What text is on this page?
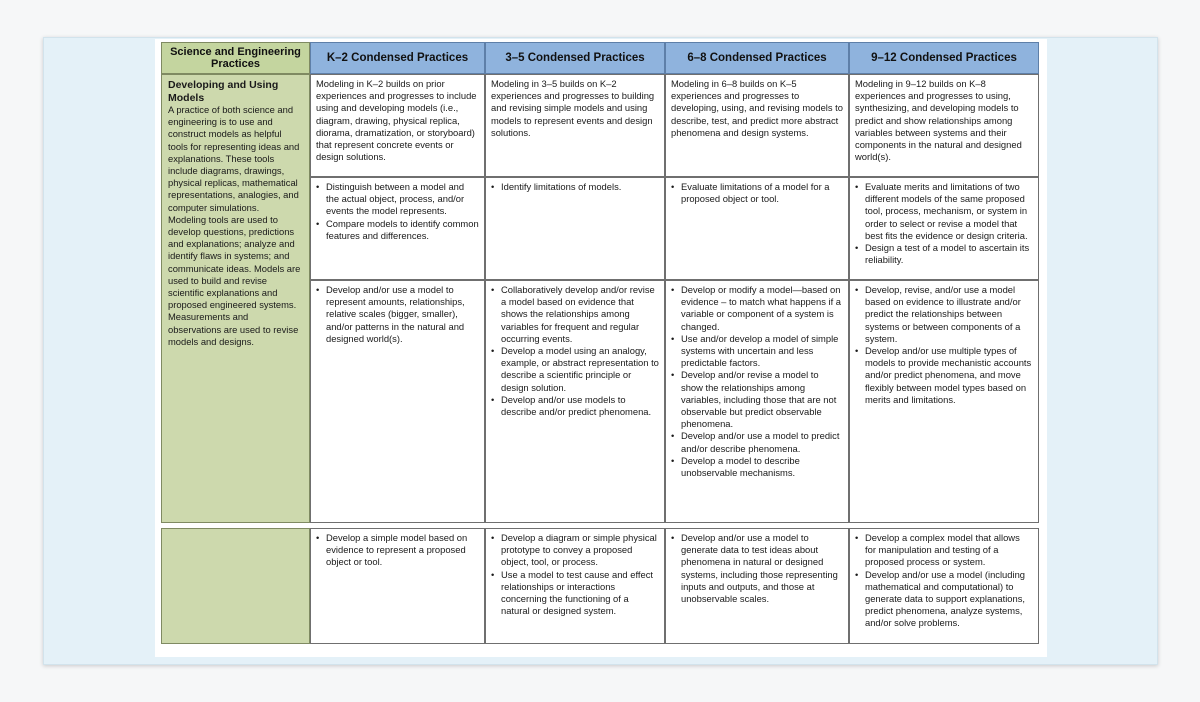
Science and Engineering Practices
K–2 Condensed Practices	3–5 Condensed Practices	6–8 Condensed Practices	9–12 Condensed Practices

Developing and Using Models

A practice of both science and engineering is to use and construct models as helpful tools for representing ideas and explanations. These tools include diagrams, drawings, physical replicas, mathematical representations, analogies, and computer simulations.

Modeling tools are used to develop questions, predictions and explanations; analyze and identify flaws in systems; and communicate ideas. Models are used to build and revise scientific explanations and proposed engineered systems. Measurements and observations are used to revise models and designs.

Modeling in K–2 builds on prior experiences and progresses to include using and developing models (i.e., diagram, drawing, physical replica, diorama, dramatization, or storyboard) that represent concrete events or design solutions.

Modeling in 3–5 builds on K–2 experiences and progresses to building and revising simple models and using models to represent events and design solutions.

Modeling in 6–8 builds on K–5 experiences and progresses to developing, using, and revising models to describe, test, and predict more abstract phenomena and design systems.

Modeling in 9–12 builds on K–8 experiences and progresses to using, synthesizing, and developing models to predict and show relationships among variables between systems and their components in the natural and designed world(s).

• Distinguish between a model and the actual object, process, and/or events the model represents.
• Compare models to identify common features and differences.
• Identify limitations of models.
•	Evaluate limitations of a model for a proposed object or tool.
• Evaluate merits and limitations of two different models of the same proposed tool, process, mechanism, or system in order to select or revise a model that best fits the evidence or design criteria.
• Design a test of a model to ascertain its reliability.
• Develop and/or use a model to represent amounts, relationships, relative scales (bigger, smaller), and/or patterns in the natural and designed world(s).
• Collaboratively develop and/or revise a model based on evidence that shows the relationships among variables for frequent and regular occurring events.
• Develop a model using an analogy, example, or abstract representation to describe a scientific principle or design solution.
• Develop and/or use models to describe and/or predict phenomena.
• Develop or modify a model—based on evidence – to match what happens if a variable or component of a system is changed.
• Use and/or develop a model of simple systems with uncertain and less predictable factors.
• Develop and/or revise a model to show the relationships among variables, including those that are not observable but predict observable phenomena.
• Develop and/or use a model to predict and/or describe phenomena.
• Develop a model to describe unobservable mechanisms.
• Develop, revise, and/or use a model based on evidence to illustrate and/or predict the relationships between systems or between components of a system.
• Develop and/or use multiple types of models to provide mechanistic accounts and/or predict phenomena, and move flexibly between model types based on merits and limitations.
• Develop a simple model based on evidence to represent a proposed object or tool.
• Develop a diagram or simple physical prototype to convey a proposed object, tool, or process.
• Use a model to test cause and effect relationships or interactions concerning the functioning of a natural or designed system.
• Develop and/or use a model to generate data to test ideas about phenomena in natural or designed systems, including those representing inputs and outputs, and those at unobservable scales.
• Develop a complex model that allows for manipulation and testing of a proposed process or system.
• Develop and/or use a model (including mathematical and computational) to generate data to support explanations, predict phenomena, analyze systems, and/or solve problems.
